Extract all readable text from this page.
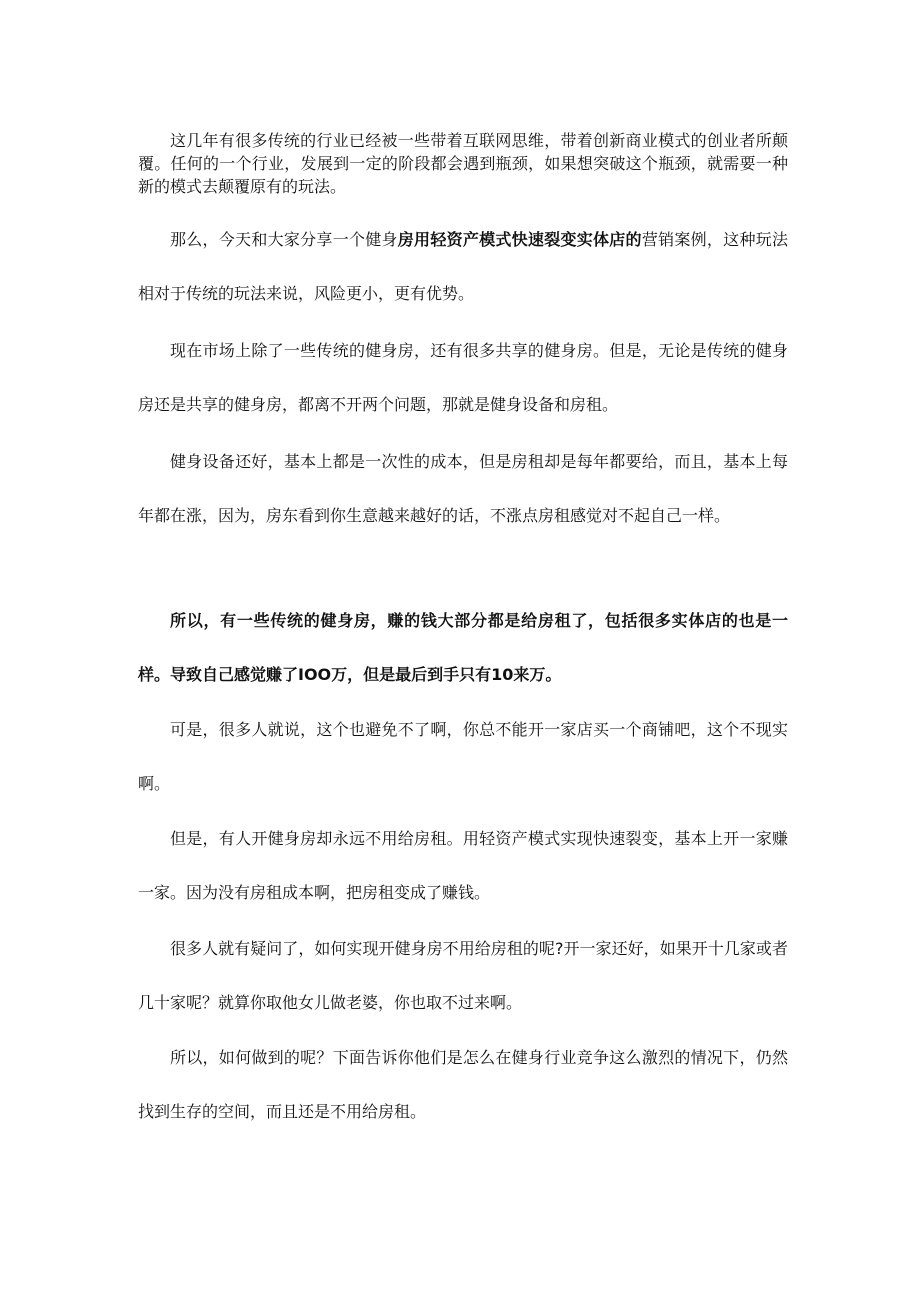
这几年有很多传统的行业已经被一些带着互联网思维，带着创新商业模式的创业者所颠覆。任何的一个行业，发展到一定的阶段都会遇到瓶颈，如果想突破这个瓶颈，就需要一种新的模式去颠覆原有的玩法。

那么，今天和大家分享一个健身房用轻资产模式快速裂变实体店的营销案例，这种玩法相对于传统的玩法来说，风险更小，更有优势。

现在市场上除了一些传统的健身房，还有很多共享的健身房。但是，无论是传统的健身房还是共享的健身房，都离不开两个问题，那就是健身设备和房租。

健身设备还好，基本上都是一次性的成本，但是房租却是每年都要给，而且，基本上每年都在涨，因为，房东看到你生意越来越好的话，不涨点房租感觉对不起自己一样。

所以，有一些传统的健身房，赚的钱大部分都是给房租了，包括很多实体店的也是一样。导致自己感觉赚了IOO万，但是最后到手只有10来万。

可是，很多人就说，这个也避免不了啊，你总不能开一家店买一个商铺吧，这个不现实啊。

但是，有人开健身房却永远不用给房租。用轻资产模式实现快速裂变，基本上开一家赚一家。因为没有房租成本啊，把房租变成了赚钱。

很多人就有疑问了，如何实现开健身房不用给房租的呢?开一家还好，如果开十几家或者几十家呢？就算你取他女儿做老婆，你也取不过来啊。

所以，如何做到的呢？下面告诉你他们是怎么在健身行业竞争这么激烈的情况下，仍然找到生存的空间，而且还是不用给房租。
